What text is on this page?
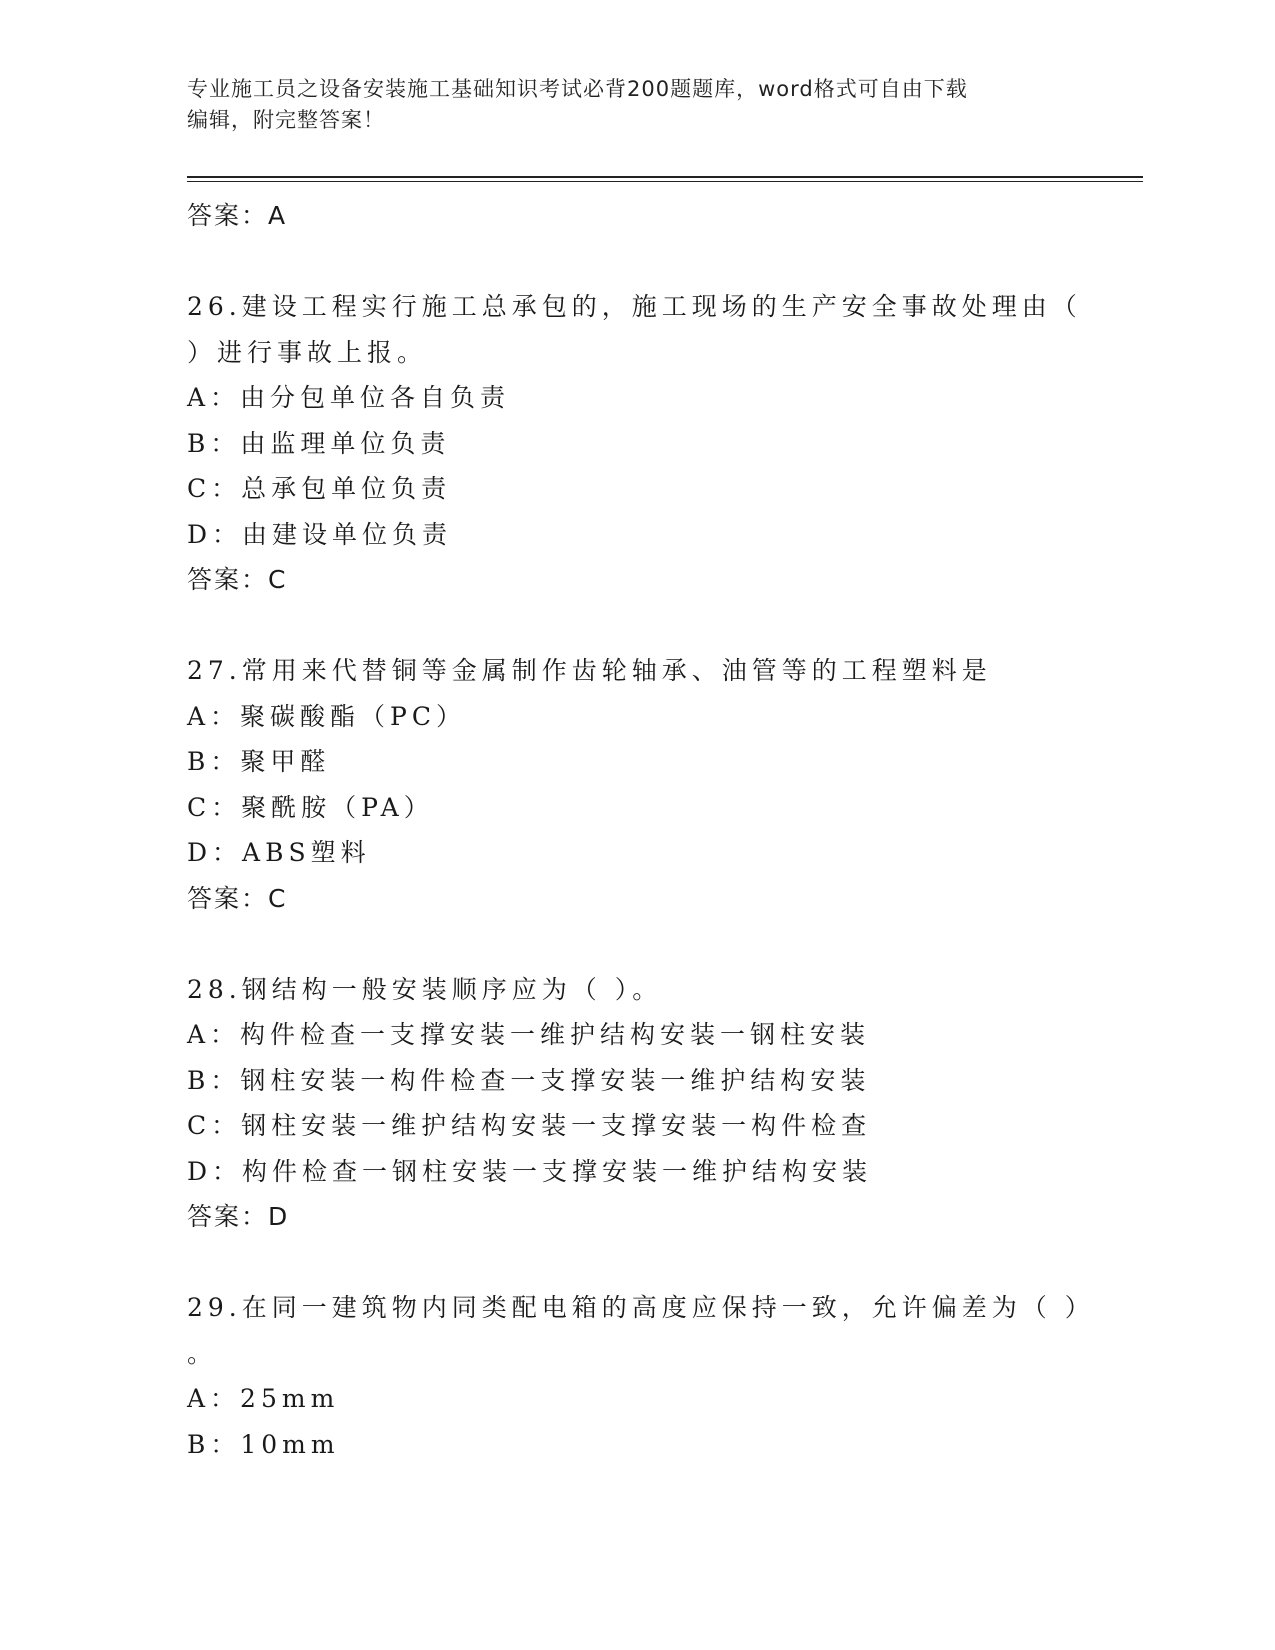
专业施工员之设备安装施工基础知识考试必背200题题库，word格式可自由下载
编辑，附完整答案！
答案：A
26.建设工程实行施工总承包的，施工现场的生产安全事故处理由（
）进行事故上报。
A：由分包单位各自负责
B：由监理单位负责
C：总承包单位负责
D：由建设单位负责
答案：C
27.常用来代替铜等金属制作齿轮轴承、油管等的工程塑料是
A：聚碳酸酯（PC）
B：聚甲醛
C：聚酰胺（PA）
D：ABS塑料
答案：C
28.钢结构一般安装顺序应为（ ）。
A：构件检查一支撑安装一维护结构安装一钢柱安装
B：钢柱安装一构件检查一支撑安装一维护结构安装
C：钢柱安装一维护结构安装一支撑安装一构件检查
D：构件检查一钢柱安装一支撑安装一维护结构安装
答案：D
29.在同一建筑物内同类配电箱的高度应保持一致，允许偏差为（ ）
。
A：25mm
B：10mm
